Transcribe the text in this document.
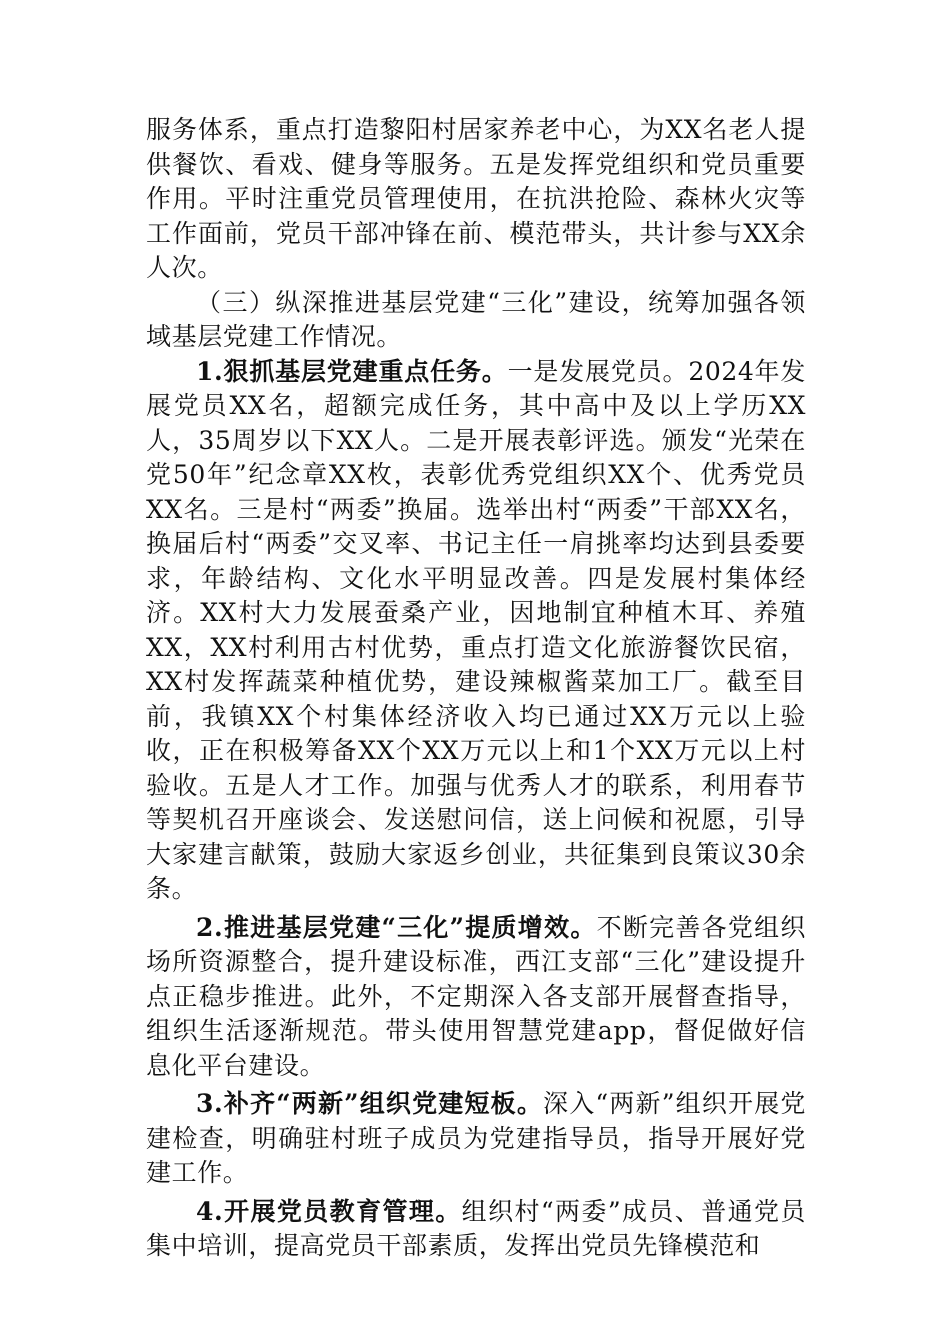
服务体系，重点打造黎阳村居家养老中心，为XX名老人提供餐饮、看戏、健身等服务。五是发挥党组织和党员重要作用。平时注重党员管理使用，在抗洪抢险、森林火灾等工作面前，党员干部冲锋在前、模范带头，共计参与XX余人次。

（三）纵深推进基层党建“三化”建设，统筹加强各领域基层党建工作情况。

1.狠抓基层党建重点任务。一是发展党员。2024年发展党员XX名，超额完成任务，其中高中及以上学历XX人，35周岁以下XX人。二是开展表彰评选。颁发“光荣在党50年”纪念章XX枚，表彰优秀党组织XX个、优秀党员XX名。三是村“两委”换届。选举出村“两委”干部XX名，换届后村“两委”交叉率、书记主任一肩挑率均达到县委要求，年龄结构、文化水平明显改善。四是发展村集体经济。XX村大力发展蚕桑产业，因地制宜种植木耳、养殖XX，XX村利用古村优势，重点打造文化旅游餐饮民宿，XX村发挥蔬菜种植优势，建设辣椒酱菜加工厂。截至目前，我镇XX个村集体经济收入均已通过XX万元以上验收，正在积极筹备XX个XX万元以上和1个XX万元以上村验收。五是人才工作。加强与优秀人才的联系，利用春节等契机召开座谈会、发送慰问信，送上问候和祝愿，引导大家建言献策，鼓励大家返乡创业，共征集到良策议30余条。

2.推进基层党建“三化”提质增效。不断完善各党组织场所资源整合，提升建设标准，西江支部“三化”建设提升点正稳步推进。此外，不定期深入各支部开展督查指导，组织生活逐渐规范。带头使用智慧党建app，督促做好信息化平台建设。

3.补齐“两新”组织党建短板。深入“两新”组织开展党建检查，明确驻村班子成员为党建指导员，指导开展好党建工作。

4.开展党员教育管理。组织村“两委”成员、普通党员集中培训，提高党员干部素质，发挥出党员先锋模范和
